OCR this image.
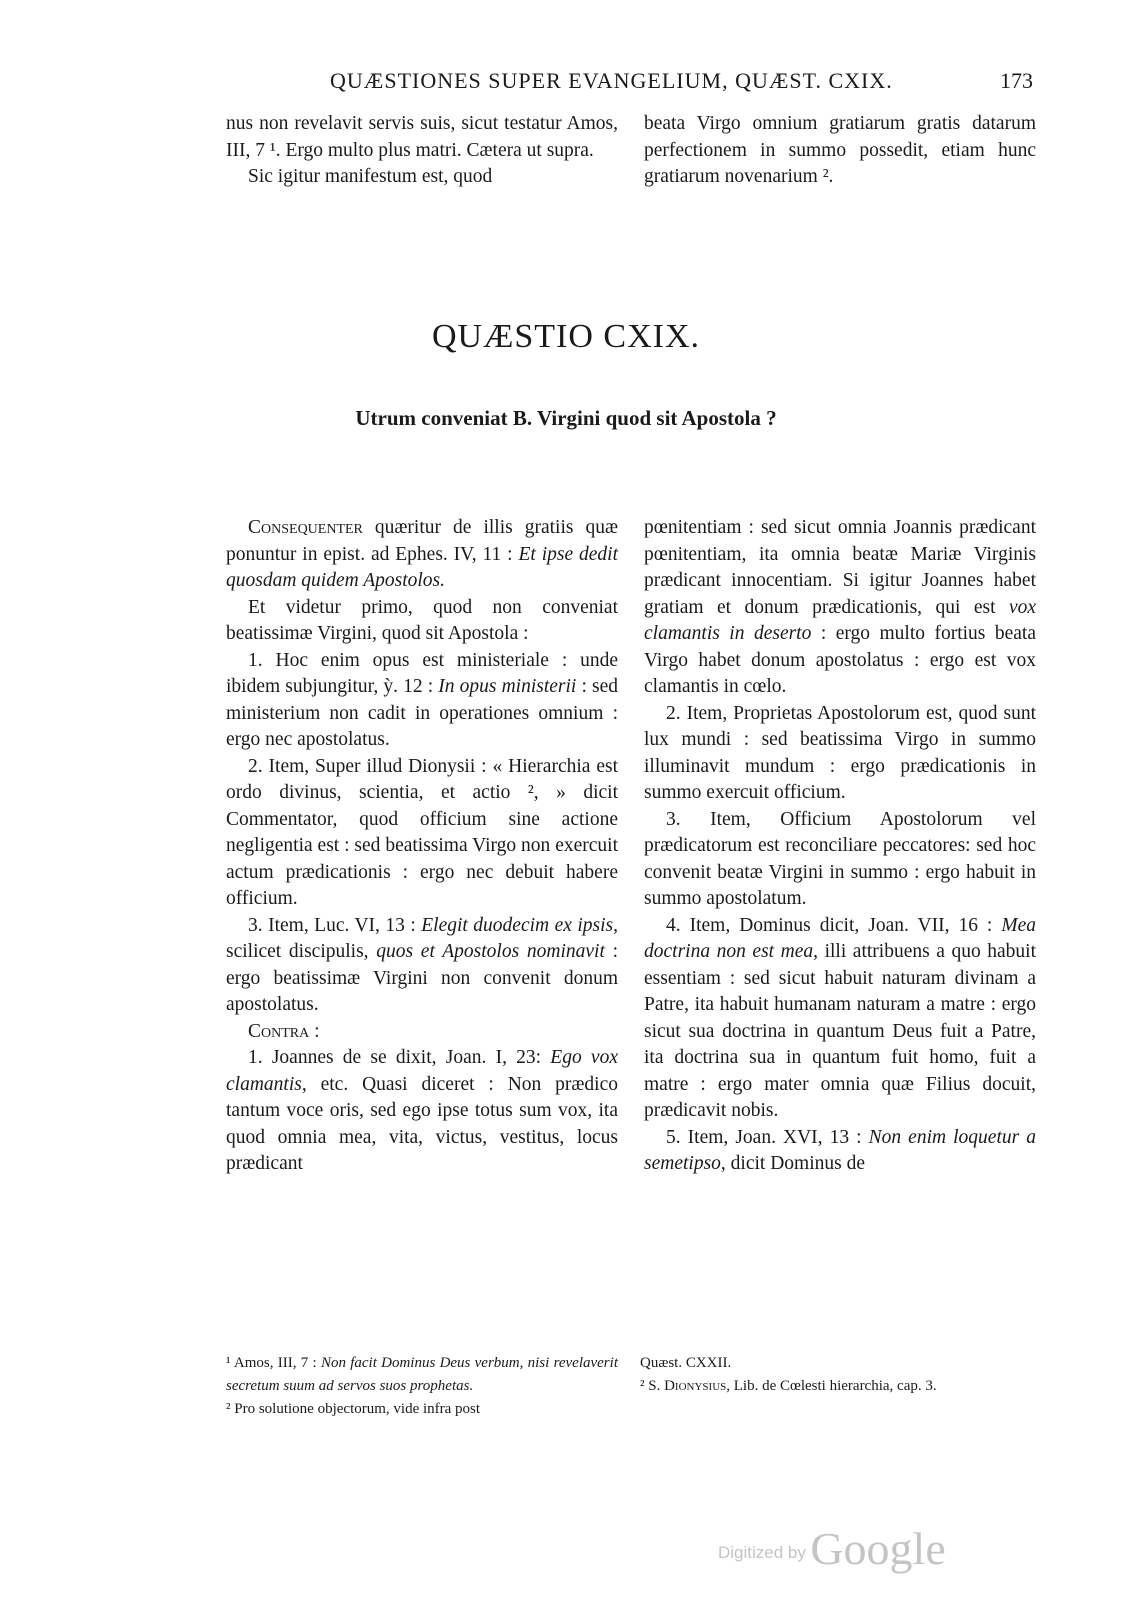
QUÆSTIONES SUPER EVANGELIUM, QUÆST. CXIX.	173

nus non revelavit servis suis, sicut testatur Amos, III, 7 ¹. Ergo multo plus matri. Cætera ut supra.

Sic igitur manifestum est, quod

beata Virgo omnium gratiarum gratis datarum perfectionem in summo possedit, etiam hunc gratiarum novenarium ².

QUÆSTIO CXIX.
Utrum conveniat B. Virgini quod sit Apostola ?

Consequenter quæritur de illis gratiis quæ ponuntur in epist. ad Ephes. IV, 11 : Et ipse dedit quosdam quidem Apostolos.

Et videtur primo, quod non conveniat beatissimæ Virgini, quod sit Apostola :

1. Hoc enim opus est ministeriale : unde ibidem subjungitur, ỳ. 12 : In opus ministerii : sed ministerium non cadit in operationes omnium : ergo nec apostolatus.

2. Item, Super illud Dionysii : « Hierarchia est ordo divinus, scientia, et actio ², » dicit Commentator, quod officium sine actione negligentia est : sed beatissima Virgo non exercuit actum prædicationis : ergo nec debuit habere officium.

3. Item, Luc. VI, 13 : Elegit duodecim ex ipsis, scilicet discipulis, quos et Apostolos nominavit : ergo beatissimæ Virgini non convenit donum apostolatus.

Contra :

1. Joannes de se dixit, Joan. I, 23: Ego vox clamantis, etc. Quasi diceret : Non prædico tantum voce oris, sed ego ipse totus sum vox, ita quod omnia mea, vita, victus, vestitus, locus prædicant

pœnitentiam : sed sicut omnia Joannis prædicant pœnitentiam, ita omnia beatæ Mariæ Virginis prædicant innocentiam. Si igitur Joannes habet gratiam et donum prædicationis, qui est vox clamantis in deserto : ergo multo fortius beata Virgo habet donum apostolatus : ergo est vox clamantis in cœlo.

2. Item, Proprietas Apostolorum est, quod sunt lux mundi : sed beatissima Virgo in summo illuminavit mundum : ergo prædicationis in summo exercuit officium.

3. Item, Officium Apostolorum vel prædicatorum est reconciliare peccatores: sed hoc convenit beatæ Virgini in summo : ergo habuit in summo apostolatum.

4. Item, Dominus dicit, Joan. VII, 16 : Mea doctrina non est mea, illi attribuens a quo habuit essentiam : sed sicut habuit naturam divinam a Patre, ita habuit humanam naturam a matre : ergo sicut sua doctrina in quantum Deus fuit a Patre, ita doctrina sua in quantum fuit homo, fuit a matre : ergo mater omnia quæ Filius docuit, prædicavit nobis.

5. Item, Joan. XVI, 13 : Non enim loquetur a semetipso, dicit Dominus de

¹ Amos, III, 7 : Non facit Dominus Deus verbum, nisi revelaverit secretum suum ad servos suos prophetas.

² Pro solutione objectorum, vide infra post

Quæst. CXXII.

² S. Dionysius, Lib. de Cœlesti hierarchia, cap. 3.

Digitized by Google
